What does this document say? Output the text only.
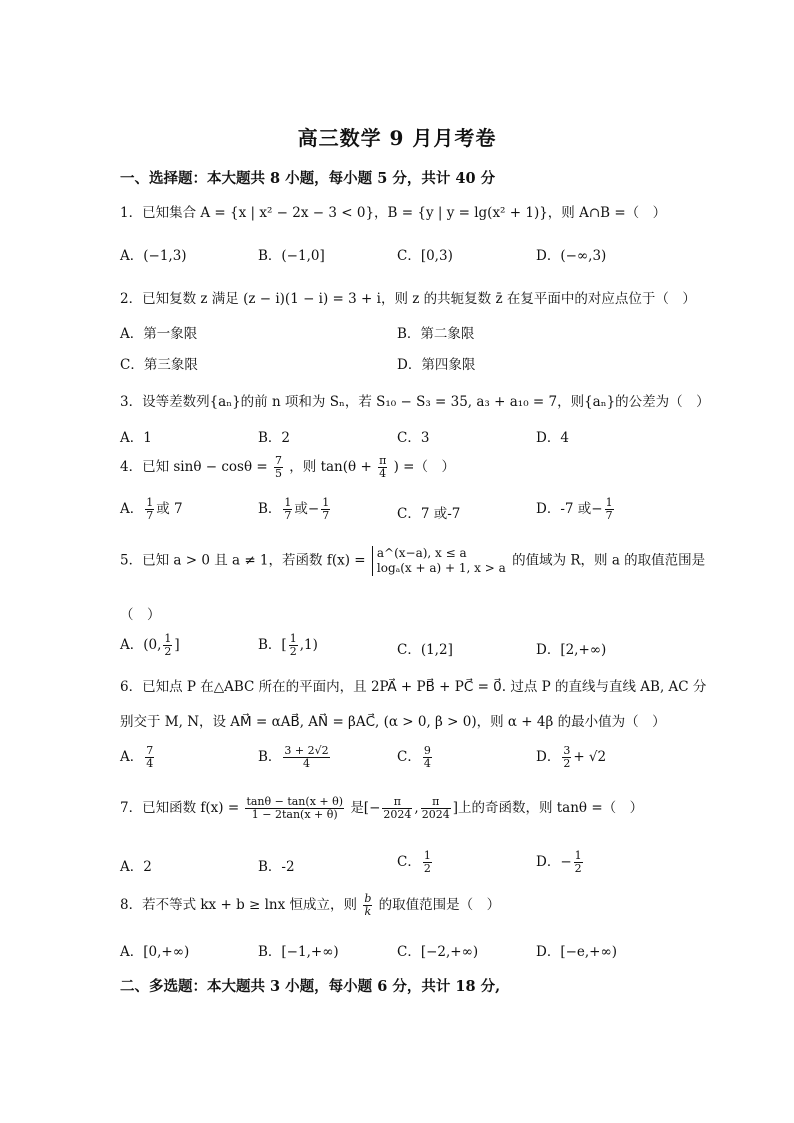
高三数学 9 月月考卷
一、选择题：本大题共 8 小题，每小题 5 分，共计 40 分
1．已知集合 A = {x | x² − 2x − 3 < 0}，B = {y | y = lg(x² + 1)}，则 A∩B =（　）
A．(−1,3)	B．(−1,0]	C．[0,3)	D．(−∞,3)
2．已知复数 z 满足 (z − i)(1 − i) = 3 + i，则 z 的共轭复数 z̄ 在复平面中的对应点位于（　）
A．第一象限	B．第二象限
C．第三象限	D．第四象限
3．设等差数列{aₙ}的前 n 项和为 Sₙ，若 S₁₀ − S₃ = 35, a₃ + a₁₀ = 7，则{aₙ}的公差为（　）
A．1	B．2	C．3	D．4
4．已知 $\sin\theta - \cos\theta = \frac{7}{5}$ ，则 $\tan(\theta + \frac{\pi}{4}$ ) =（　）
A． $\frac{1}{7}$ 或 7	B． $\frac{1}{7}$ 或− $\frac{1}{7}$	C．7 或-7	D．-7 或− $\frac{1}{7}$
5．已知 a > 0 且 a ≠ 1，若函数 f(x) = a^(x−a), x ≤ a
logₐ(x + a) + 1, x > a 的值域为 R，则 a 的取值范围是
（　）
A．(0, $\frac{1}{2}$ ]	B．[ $\frac{1}{2} ,1$)	C．(1,2]	D．[2,+∞)
6．已知点 P 在△ABC 所在的平面内，且 2PA⃗ + PB⃗ + PC⃗ = 0⃗. 过点 P 的直线与直线 AB, AC 分
别交于 M, N，设 AM⃗ = αAB⃗, AN⃗ = βAC⃗, (α > 0, β > 0)，则 α + 4β 的最小值为（　）
A． $\frac{7}{4}$	B． $\frac{3 + 2√2}{4}$	C． $\frac{9}{4}$	D． $\frac{3}{2} + √2$
7．已知函数 $f(x) = \frac{\tan\theta - \tan(x + \theta)}{1 - 2\tan(x + \theta)}$ 是[− $\frac{\pi}{2024}$ , $\frac{\pi}{2024}$ ]上的奇函数，则 tanθ =（　）
A．2	B．-2	C． $\frac{1}{2}$	D．− $\frac{1}{2}$
8．若不等式 kx + b ≥ lnx 恒成立，则 $\frac{b}{k}$ 的取值范围是（　）
A．[0,+∞)	B．[−1,+∞)	C．[−2,+∞)	D．[−e,+∞)
二、多选题：本大题共 3 小题，每小题 6 分，共计 18 分,
